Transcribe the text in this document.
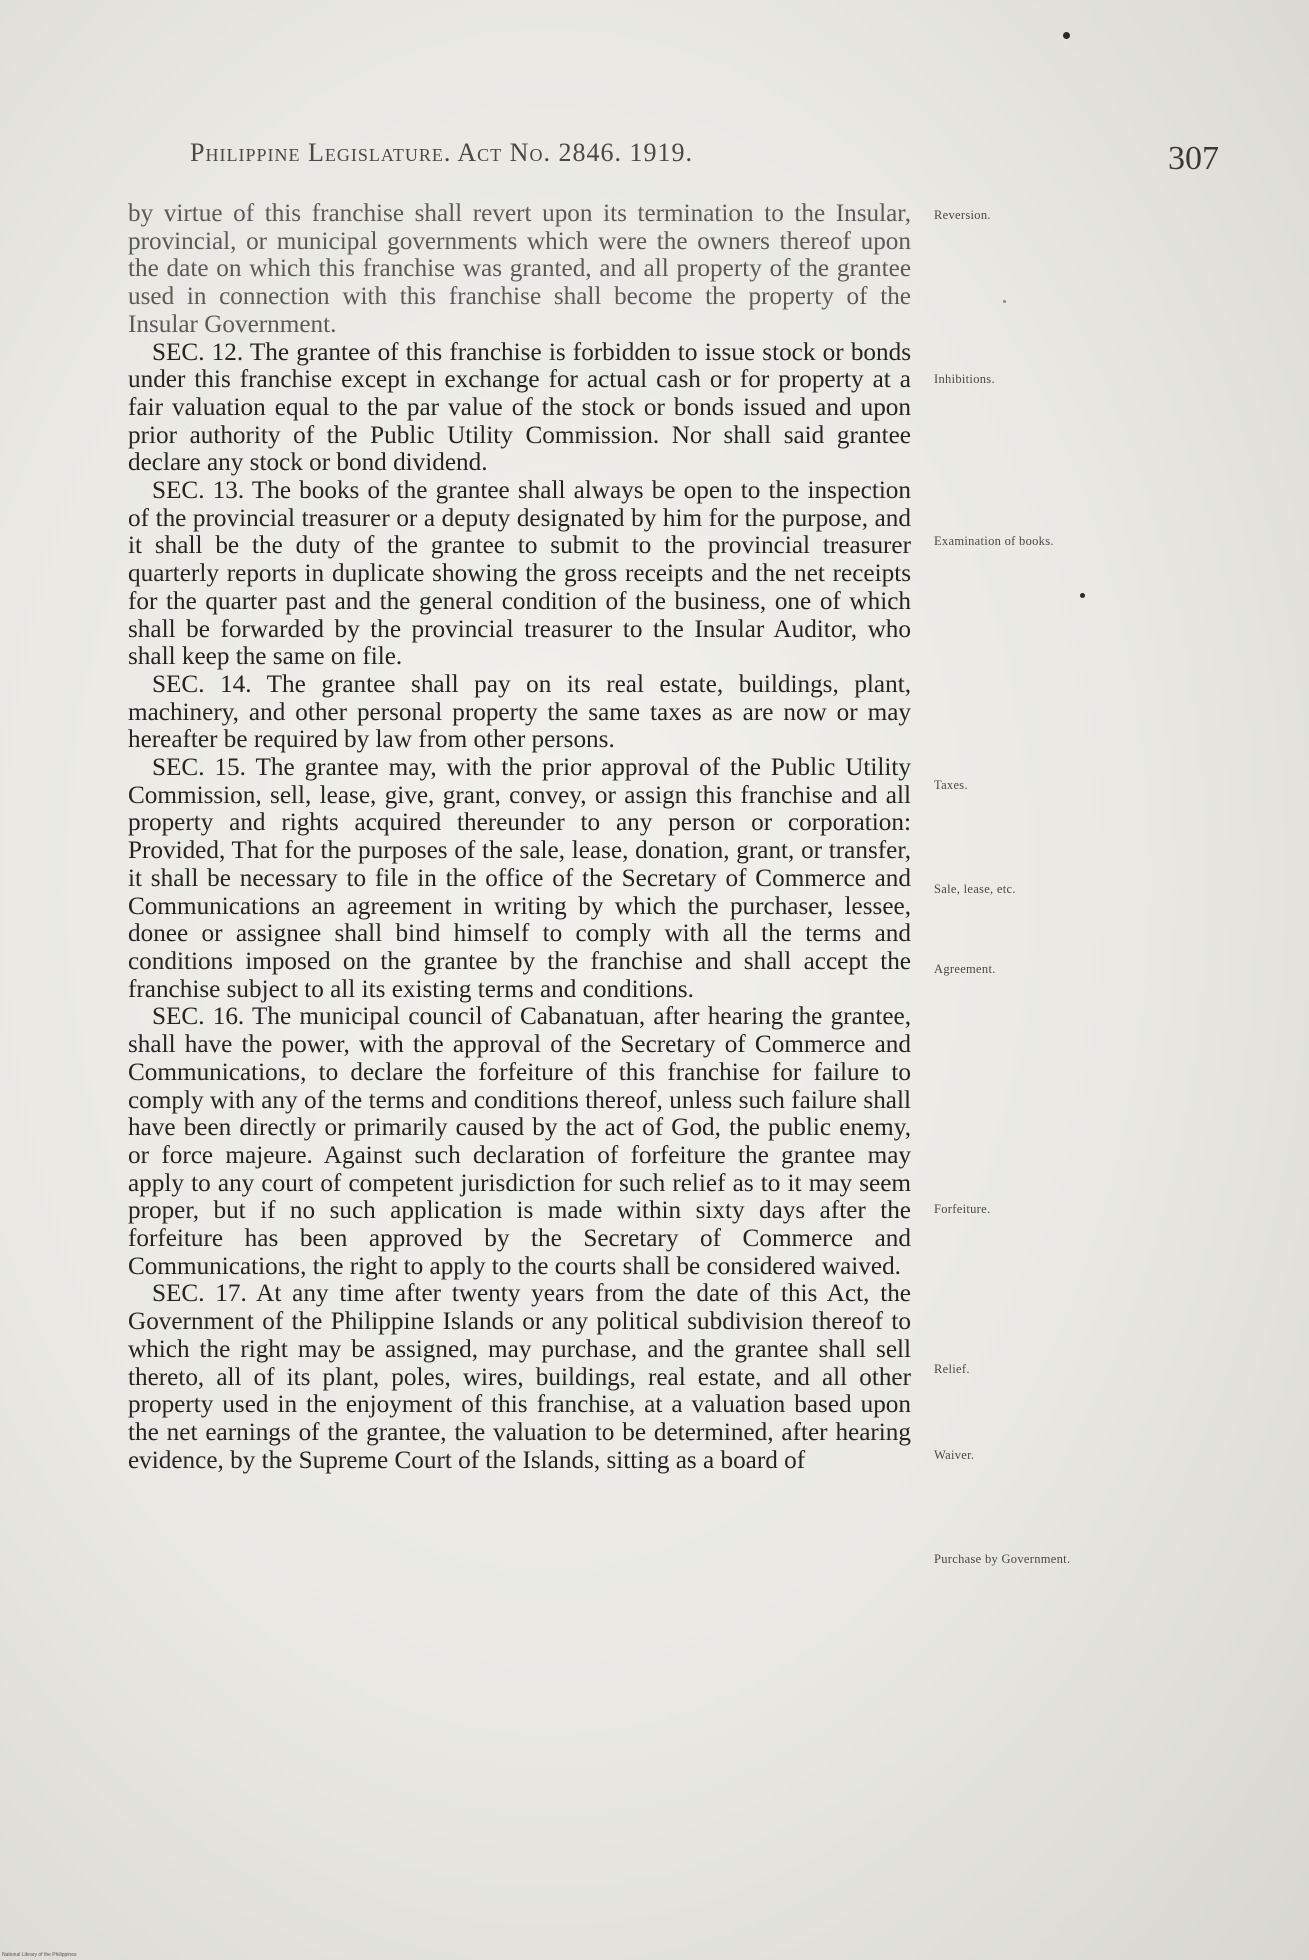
Philippine Legislature. Act No. 2846. 1919.	307

by virtue of this franchise shall revert upon its termination to the Insular, provincial, or municipal governments which were the owners thereof upon the date on which this franchise was granted, and all property of the grantee used in connection with this franchise shall become the property of the Insular Government.

SEC. 12. The grantee of this franchise is forbidden to issue stock or bonds under this franchise except in exchange for actual cash or for property at a fair valuation equal to the par value of the stock or bonds issued and upon prior authority of the Public Utility Commission. Nor shall said grantee declare any stock or bond dividend.

SEC. 13. The books of the grantee shall always be open to the inspection of the provincial treasurer or a deputy designated by him for the purpose, and it shall be the duty of the grantee to submit to the provincial treasurer quarterly reports in duplicate showing the gross receipts and the net receipts for the quarter past and the general condition of the business, one of which shall be forwarded by the provincial treasurer to the Insular Auditor, who shall keep the same on file.

SEC. 14. The grantee shall pay on its real estate, buildings, plant, machinery, and other personal property the same taxes as are now or may hereafter be required by law from other persons.

SEC. 15. The grantee may, with the prior approval of the Public Utility Commission, sell, lease, give, grant, convey, or assign this franchise and all property and rights acquired thereunder to any person or corporation: Provided, That for the purposes of the sale, lease, donation, grant, or transfer, it shall be necessary to file in the office of the Secretary of Commerce and Communications an agreement in writing by which the purchaser, lessee, donee or assignee shall bind himself to comply with all the terms and conditions imposed on the grantee by the franchise and shall accept the franchise subject to all its existing terms and conditions.

SEC. 16. The municipal council of Cabanatuan, after hearing the grantee, shall have the power, with the approval of the Secretary of Commerce and Communications, to declare the forfeiture of this franchise for failure to comply with any of the terms and conditions thereof, unless such failure shall have been directly or primarily caused by the act of God, the public enemy, or force majeure. Against such declaration of forfeiture the grantee may apply to any court of competent jurisdiction for such relief as to it may seem proper, but if no such application is made within sixty days after the forfeiture has been approved by the Secretary of Commerce and Communications, the right to apply to the courts shall be considered waived.

SEC. 17. At any time after twenty years from the date of this Act, the Government of the Philippine Islands or any political subdivision thereof to which the right may be assigned, may purchase, and the grantee shall sell thereto, all of its plant, poles, wires, buildings, real estate, and all other property used in the enjoyment of this franchise, at a valuation based upon the net earnings of the grantee, the valuation to be determined, after hearing evidence, by the Supreme Court of the Islands, sitting as a board of

Reversion.
Inhibitions.
Examination of books.
Taxes.
Sale, lease, etc.
Agreement.
Forfeiture.
Relief.
Waiver.
Purchase by Government.
National Library of the Philippines
